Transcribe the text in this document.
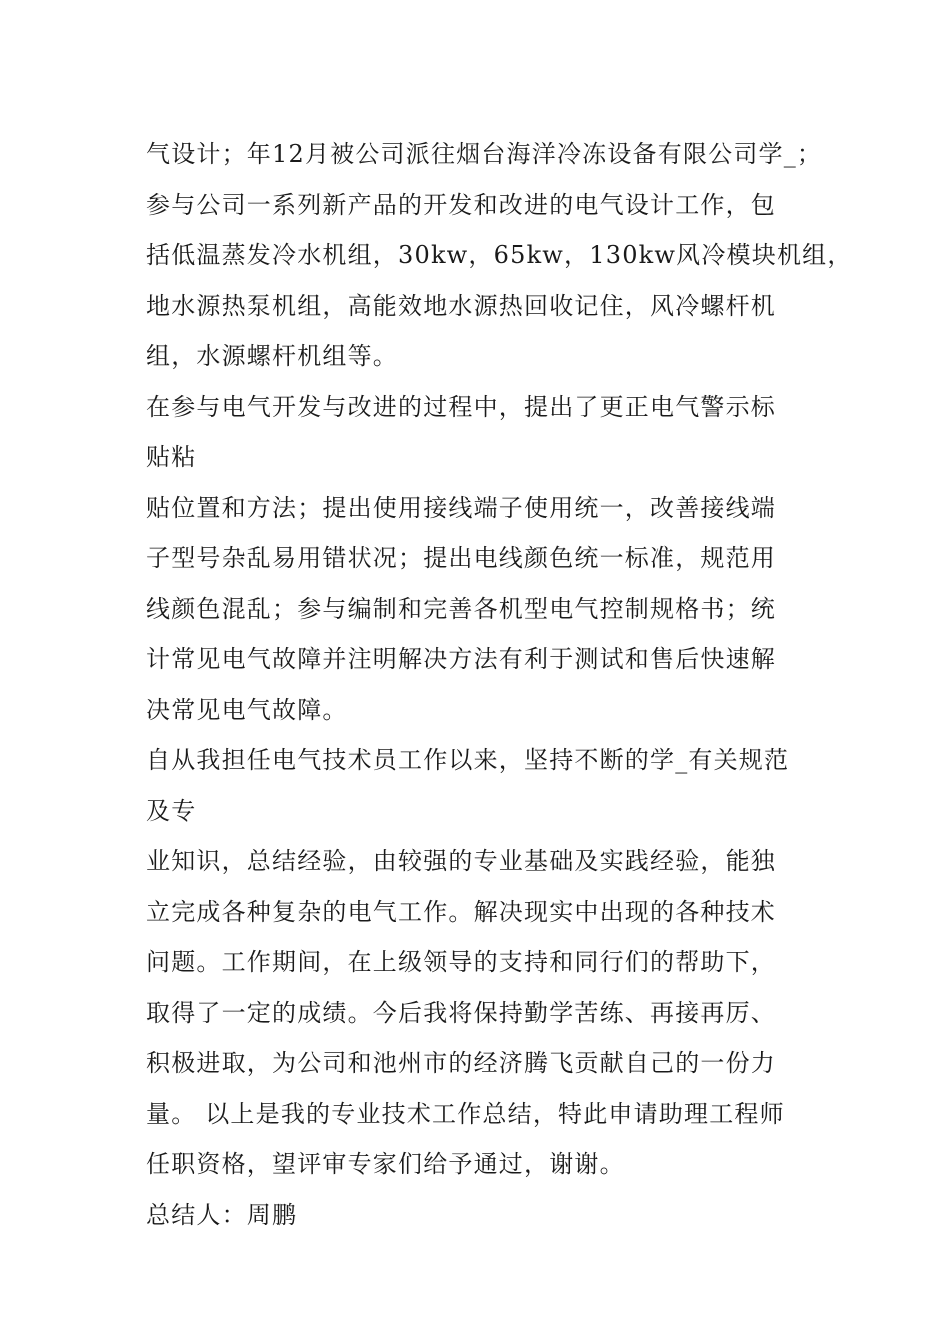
气设计；年12月被公司派往烟台海洋冷冻设备有限公司学_；
参与公司一系列新产品的开发和改进的电气设计工作，包
括低温蒸发冷水机组，30kw，65kw，130kw风冷模块机组，
地水源热泵机组，高能效地水源热回收记住，风冷螺杆机
组，水源螺杆机组等。
在参与电气开发与改进的过程中，提出了更正电气警示标
贴粘
贴位置和方法；提出使用接线端子使用统一，改善接线端
子型号杂乱易用错状况；提出电线颜色统一标准，规范用
线颜色混乱；参与编制和完善各机型电气控制规格书；统
计常见电气故障并注明解决方法有利于测试和售后快速解
决常见电气故障。
自从我担任电气技术员工作以来，坚持不断的学_有关规范
及专
业知识，总结经验，由较强的专业基础及实践经验，能独
立完成各种复杂的电气工作。解决现实中出现的各种技术
问题。工作期间，在上级领导的支持和同行们的帮助下，
取得了一定的成绩。今后我将保持勤学苦练、再接再厉、
积极进取，为公司和池州市的经济腾飞贡献自己的一份力
量。 以上是我的专业技术工作总结，特此申请助理工程师
任职资格，望评审专家们给予通过，谢谢。
总结人：周鹏
